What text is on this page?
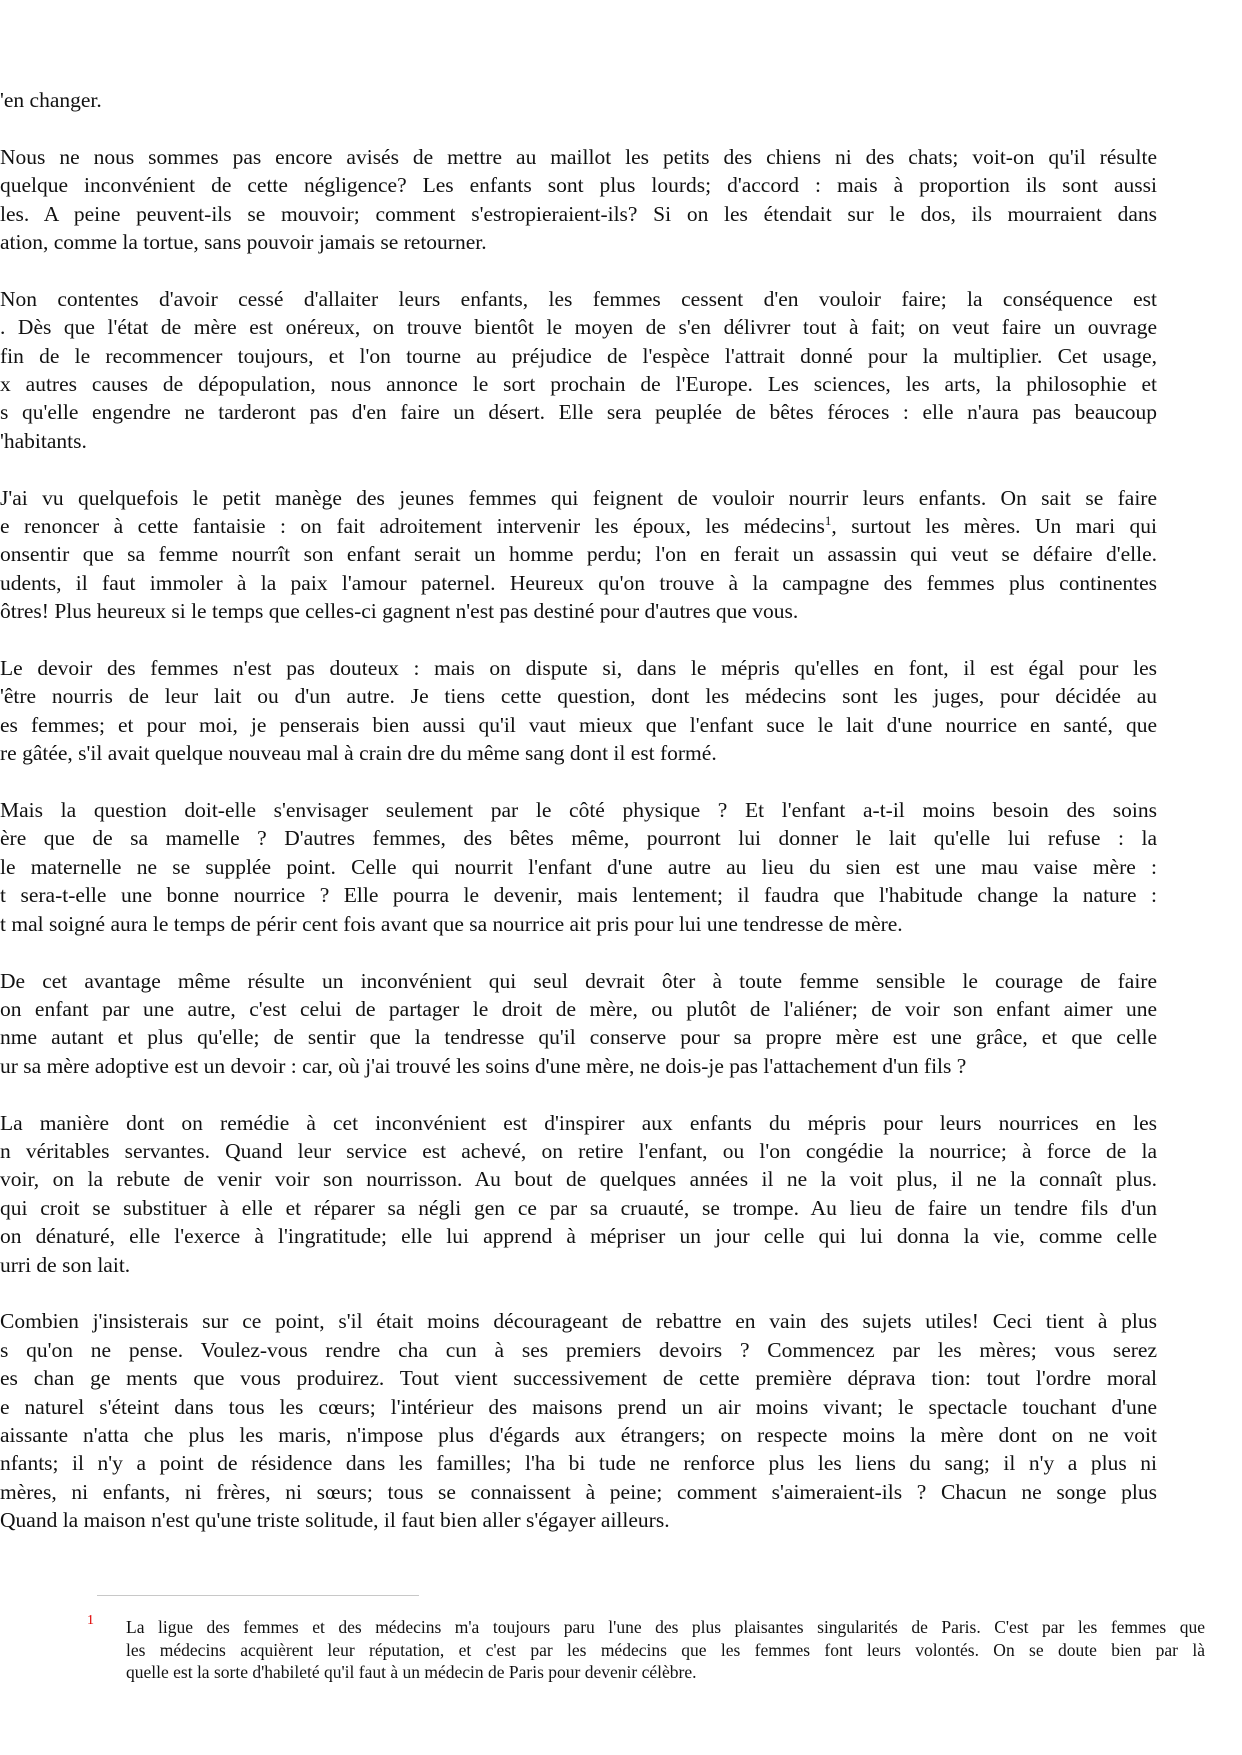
'en changer.

Nous ne nous sommes pas encore avisés de mettre au maillot les petits des chiens ni des chats; voit-on qu'il résulte
quelque inconvénient de cette négligence? Les enfants sont plus lourds; d'accord : mais à proportion ils sont aussi
les. A peine peuvent-ils se mouvoir; comment s'estropieraient-ils? Si on les étendait sur le dos, ils mourraient dans
ation, comme la tortue, sans pouvoir jamais se retourner.

Non contentes d'avoir cessé d'allaiter leurs enfants, les femmes cessent d'en vouloir faire; la conséquence est
. Dès que l'état de mère est onéreux, on trouve bientôt le moyen de s'en délivrer tout à fait; on veut faire un ouvrage
fin de le recommencer toujours, et l'on tourne au préjudice de l'espèce l'attrait donné pour la multiplier. Cet usage,
x autres causes de dépopulation, nous annonce le sort prochain de l'Europe. Les sciences, les arts, la philosophie et
s qu'elle engendre ne tarderont pas d'en faire un désert. Elle sera peuplée de bêtes féroces : elle n'aura pas beaucoup
'habitants.

J'ai vu quelquefois le petit manège des jeunes femmes qui feignent de vouloir nourrir leurs enfants. On sait se faire
e renoncer à cette fantaisie : on fait adroitement intervenir les époux, les médecins$^1$, surtout les mères. Un mari qui
onsentir que sa femme nourrît son enfant serait un homme perdu; l'on en ferait un assassin qui veut se défaire d'elle.
udents, il faut immoler à la paix l'amour paternel. Heureux qu'on trouve à la campagne des femmes plus continentes
ôtres! Plus heureux si le temps que celles-ci gagnent n'est pas destiné pour d'autres que vous.

Le devoir des femmes n'est pas douteux : mais on dispute si, dans le mépris qu'elles en font, il est égal pour les
'être nourris de leur lait ou d'un autre. Je tiens cette question, dont les médecins sont les juges, pour décidée au
es femmes; et pour moi, je penserais bien aussi qu'il vaut mieux que l'enfant suce le lait d'une nourrice en santé, que
re gâtée, s'il avait quelque nouveau mal à crain dre du même sang dont il est formé.

Mais la question doit-elle s'envisager seulement par le côté physique ? Et l'enfant a-t-il moins besoin des soins
ère que de sa mamelle ? D'autres femmes, des bêtes même, pourront lui donner le lait qu'elle lui refuse : la
le maternelle ne se supplée point. Celle qui nourrit l'enfant d'une autre au lieu du sien est une mau vaise mère :
t sera-t-elle une bonne nourrice ? Elle pourra le devenir, mais lentement; il faudra que l'habitude change la nature :
t mal soigné aura le temps de périr cent fois avant que sa nourrice ait pris pour lui une tendresse de mère.

De cet avantage même résulte un inconvénient qui seul devrait ôter à toute femme sensible le courage de faire
on enfant par une autre, c'est celui de partager le droit de mère, ou plutôt de l'aliéner; de voir son enfant aimer une
nme autant et plus qu'elle; de sentir que la tendresse qu'il conserve pour sa propre mère est une grâce, et que celle
ur sa mère adoptive est un devoir : car, où j'ai trouvé les soins d'une mère, ne dois-je pas l'attachement d'un fils ?

La manière dont on remédie à cet inconvénient est d'inspirer aux enfants du mépris pour leurs nourrices en les
n véritables servantes. Quand leur service est achevé, on retire l'enfant, ou l'on congédie la nourrice; à force de la
voir, on la rebute de venir voir son nourrisson. Au bout de quelques années il ne la voit plus, il ne la connaît plus.
qui croit se substituer à elle et réparer sa négli gen ce par sa cruauté, se trompe. Au lieu de faire un tendre fils d'un
on dénaturé, elle l'exerce à l'ingratitude; elle lui apprend à mépriser un jour celle qui lui donna la vie, comme celle
urri de son lait.

Combien j'insisterais sur ce point, s'il était moins décourageant de rebattre en vain des sujets utiles! Ceci tient à plus
s qu'on ne pense. Voulez-vous rendre cha cun à ses premiers devoirs ? Commencez par les mères; vous serez
es chan ge ments que vous produirez. Tout vient successivement de cette première déprava tion: tout l'ordre moral
e naturel s'éteint dans tous les cœurs; l'intérieur des maisons prend un air moins vivant; le spectacle touchant d'une
aissante n'atta che plus les maris, n'impose plus d'égards aux étrangers; on respecte moins la mère dont on ne voit
nfants; il n'y a point de résidence dans les familles; l'ha bi tude ne renforce plus les liens du sang; il n'y a plus ni
mères, ni enfants, ni frères, ni sœurs; tous se connaissent à peine; comment s'aimeraient-ils ? Chacun ne songe plus
Quand la maison n'est qu'une triste solitude, il faut bien aller s'égayer ailleurs.

1 La ligue des femmes et des médecins m'a toujours paru l'une des plus plaisantes singularités de Paris. C'est par les femmes que
les médecins acquièrent leur réputation, et c'est par les médecins que les femmes font leurs volontés. On se doute bien par là
quelle est la sorte d'habileté qu'il faut à un médecin de Paris pour devenir célèbre.
